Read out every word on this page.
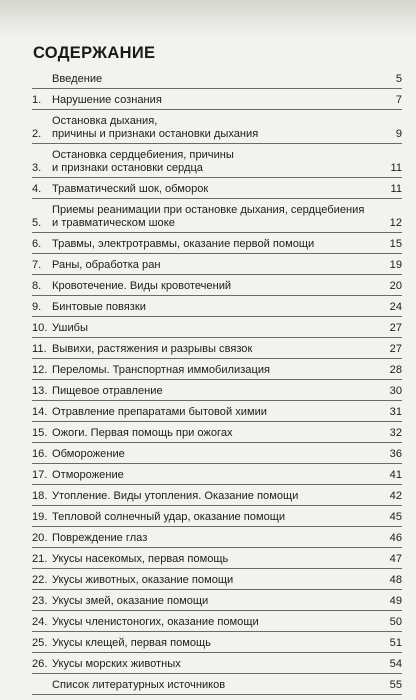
СОДЕРЖАНИЕ
Введение	5
1. Нарушение сознания	7
2.
Остановка дыхания,
причины и признаки остановки дыхания	9
3.
Остановка сердцебиения, причины
и признаки остановки сердца	11
4. Травматический шок, обморок	11
5.
Приемы реанимации при остановке дыхания, сердцебиения
и травматическом шоке	12
6. Травмы, электротравмы, оказание первой помощи	15
7. Раны, обработка ран	19
8. Кровотечение. Виды кровотечений	20
9. Бинтовые повязки	24
10. Ушибы	27
11. Вывихи, растяжения и разрывы связок	27
12. Переломы. Транспортная иммобилизация	28
13. Пищевое отравление	30
14. Отравление препаратами бытовой химии	31
15. Ожоги. Первая помощь при ожогах	32
16. Обморожение	36
17. Отморожение	41
18. Утопление. Виды утопления. Оказание помощи	42
19. Тепловой солнечный удар, оказание помощи	45
20. Повреждение глаз	46
21. Укусы насекомых, первая помощь	47
22. Укусы животных, оказание помощи	48
23. Укусы змей, оказание помощи	49
24. Укусы членистоногих, оказание помощи	50
25. Укусы клещей, первая помощь	51
26. Укусы морских животных	54
Список литературных источников	55
